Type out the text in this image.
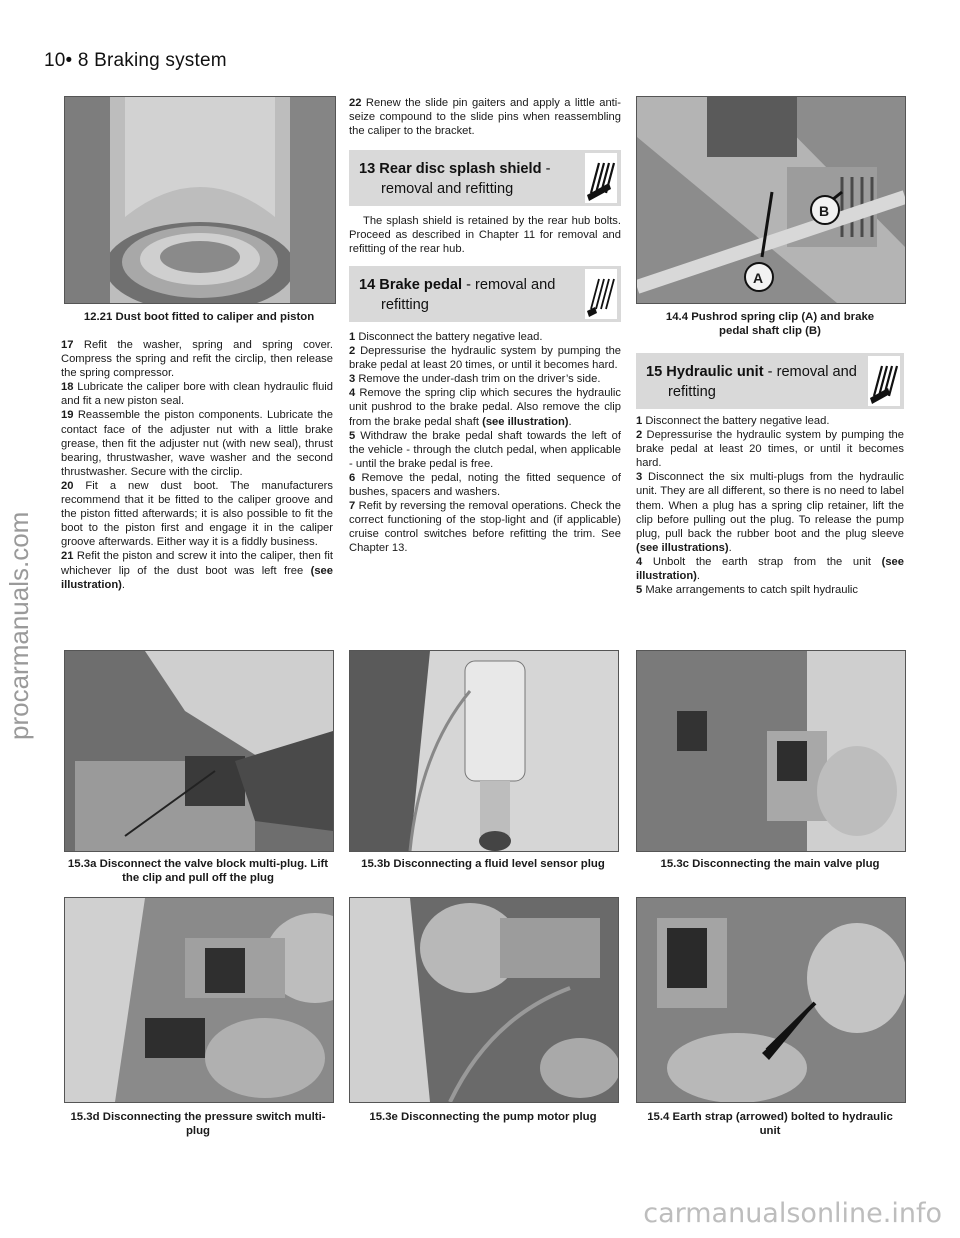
10• 8 Braking system
procarmanuals.com
12.21 Dust boot fitted to caliper and piston

17 Refit the washer, spring and spring cover. Compress the spring and refit the circlip, then release the spring compressor.

18 Lubricate the caliper bore with clean hydraulic fluid and fit a new piston seal.

19 Reassemble the piston components. Lubricate the contact face of the adjuster nut with a little brake grease, then fit the adjuster nut (with new seal), thrust bearing, thrustwasher, wave washer and the second thrustwasher. Secure with the circlip.

20 Fit a new dust boot. The manufacturers recommend that it be fitted to the caliper groove and the piston fitted afterwards; it is also possible to fit the boot to the piston first and engage it in the caliper groove afterwards. Either way it is a fiddly business.

21 Refit the piston and screw it into the caliper, then fit whichever lip of the dust boot was left free (see illustration).

22 Renew the slide pin gaiters and apply a little anti-seize compound to the slide pins when reassembling the caliper to the bracket.

13 Rear disc splash shield -
removal and refitting

The splash shield is retained by the rear hub bolts. Proceed as described in Chapter 11 for removal and refitting of the rear hub.

14 Brake pedal - removal and
refitting

1 Disconnect the battery negative lead.

2 Depressurise the hydraulic system by pumping the brake pedal at least 20 times, or until it becomes hard.

3 Remove the under-dash trim on the driver’s side.

4 Remove the spring clip which secures the hydraulic unit pushrod to the brake pedal. Also remove the clip from the brake pedal shaft (see illustration).

5 Withdraw the brake pedal shaft towards the left of the vehicle - through the clutch pedal, when applicable - until the brake pedal is free.

6 Remove the pedal, noting the fitted sequence of bushes, spacers and washers.

7 Refit by reversing the removal operations. Check the correct functioning of the stop-light and (if applicable) cruise control switches before refitting the trim. See Chapter 13.

A
B
14.4 Pushrod spring clip (A) and brake pedal shaft clip (B)
15 Hydraulic unit - removal and
refitting

1 Disconnect the battery negative lead.

2 Depressurise the hydraulic system by pumping the brake pedal at least 20 times, or until it becomes hard.

3 Disconnect the six multi-plugs from the hydraulic unit. They are all different, so there is no need to label them. When a plug has a spring clip retainer, lift the clip before pulling out the plug. To release the pump plug, pull back the rubber boot and the plug sleeve (see illustrations).

4 Unbolt the earth strap from the unit (see illustration).

5 Make arrangements to catch spilt hydraulic

15.3a Disconnect the valve block multi-plug. Lift the clip and pull off the plug
15.3b Disconnecting a fluid level sensor plug	15.3c Disconnecting the main valve plug
15.3d Disconnecting the pressure switch multi-plug
15.3e Disconnecting the pump motor plug	15.4 Earth strap (arrowed) bolted to hydraulic unit
carmanualsonline.info
